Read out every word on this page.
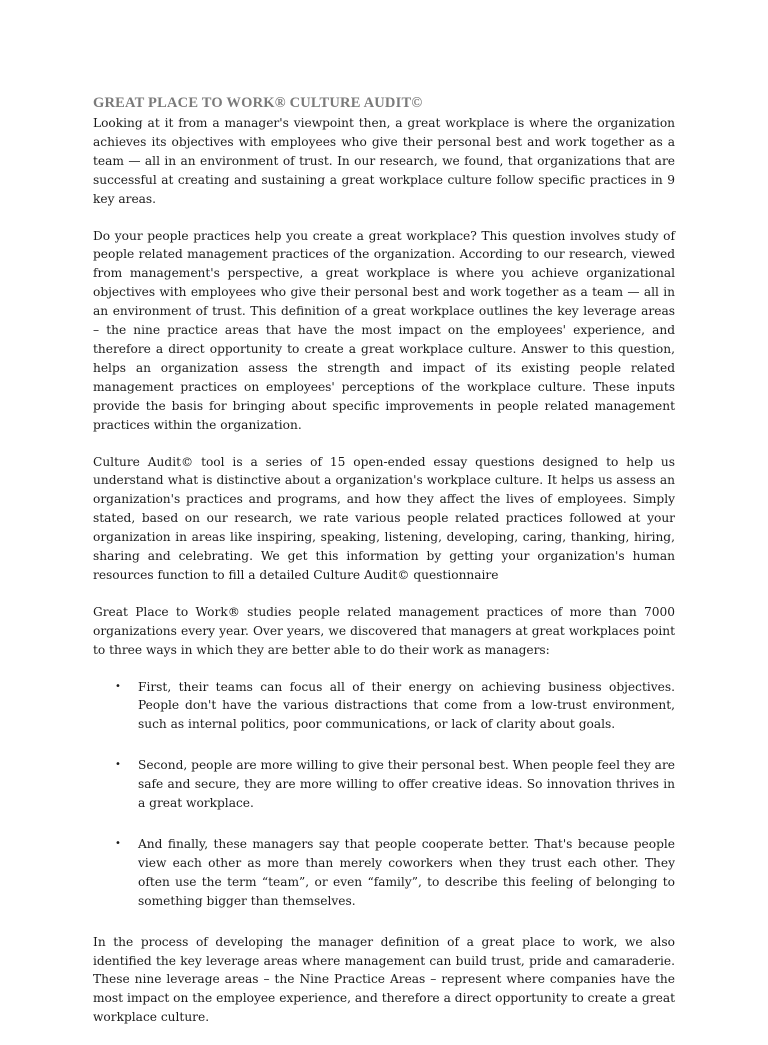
GREAT PLACE TO WORK® CULTURE AUDIT©

Looking at it from a manager's viewpoint then, a great workplace is where the organization achieves its objectives with employees who give their personal best and work together as a team — all in an environment of trust. In our research, we found, that organizations that are successful at creating and sustaining a great workplace culture follow specific practices in 9 key areas.

Do your people practices help you create a great workplace? This question involves study of people related management practices of the organization. According to our research, viewed from management's perspective, a great workplace is where you achieve organizational objectives with employees who give their personal best and work together as a team — all in an environment of trust. This definition of a great workplace outlines the key leverage areas – the nine practice areas that have the most impact on the employees' experience, and therefore a direct opportunity to create a great workplace culture. Answer to this question, helps an organization assess the strength and impact of its existing people related management practices on employees' perceptions of the workplace culture. These inputs provide the basis for bringing about specific improvements in people related management practices within the organization.

Culture Audit© tool is a series of 15 open-ended essay questions designed to help us understand what is distinctive about a organization's workplace culture. It helps us assess an organization's practices and programs, and how they affect the lives of employees. Simply stated, based on our research, we rate various people related practices followed at your organization in areas like inspiring, speaking, listening, developing, caring, thanking, hiring, sharing and celebrating. We get this information by getting your organization's human resources function to fill a detailed Culture Audit© questionnaire

Great Place to Work® studies people related management practices of more than 7000 organizations every year. Over years, we discovered that managers at great workplaces point to three ways in which they are better able to do their work as managers:

• First, their teams can focus all of their energy on achieving business objectives. People don't have the various distractions that come from a low-trust environment, such as internal politics, poor communications, or lack of clarity about goals.
• Second, people are more willing to give their personal best. When people feel they are safe and secure, they are more willing to offer creative ideas. So innovation thrives in a great workplace.
• And finally, these managers say that people cooperate better. That's because people view each other as more than merely coworkers when they trust each other. They often use the term “team”, or even “family”, to describe this feeling of belonging to something bigger than themselves.

In the process of developing the manager definition of a great place to work, we also identified the key leverage areas where management can build trust, pride and camaraderie. These nine leverage areas – the Nine Practice Areas – represent where companies have the most impact on the employee experience, and therefore a direct opportunity to create a great workplace culture.
